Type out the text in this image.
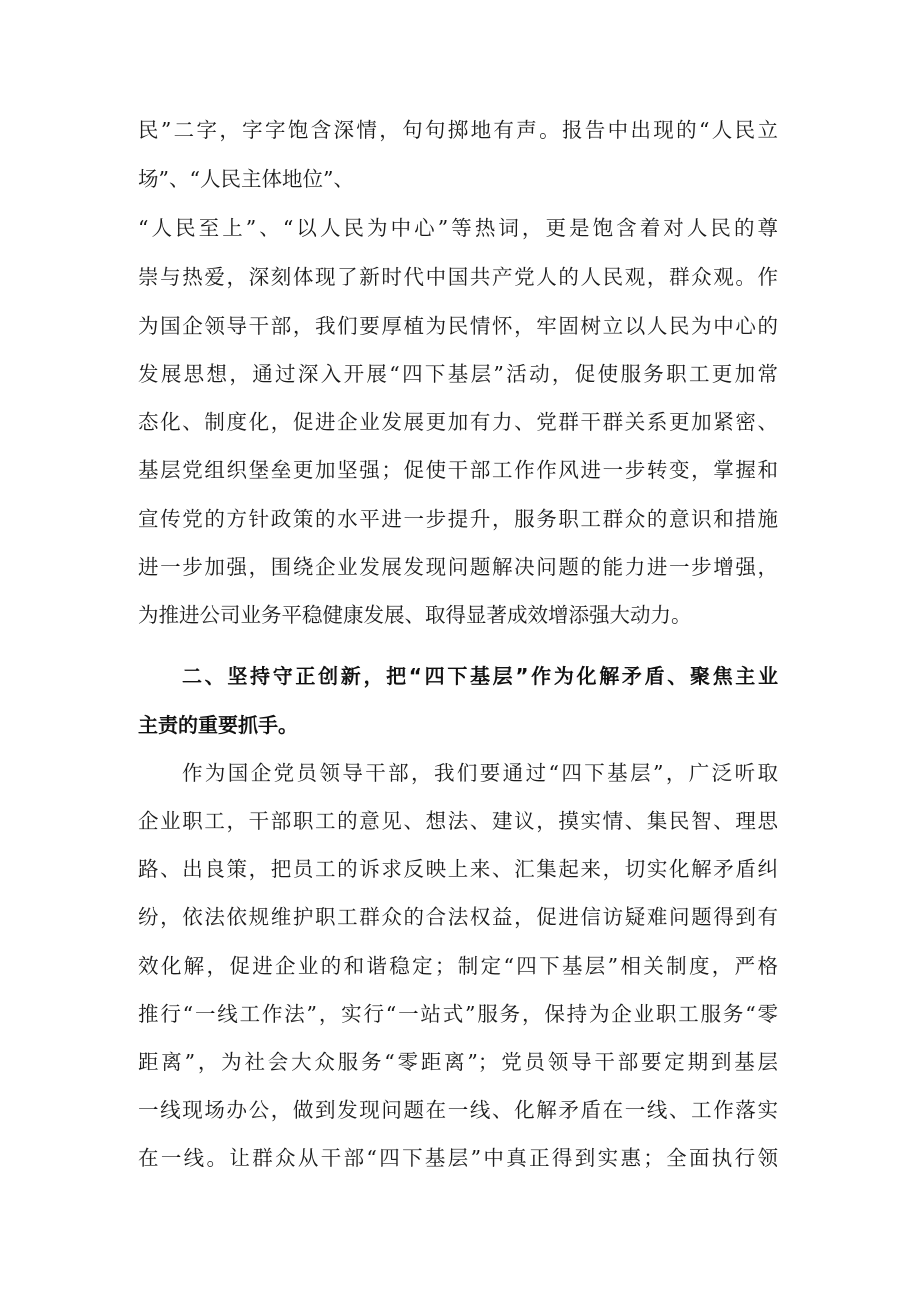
民”二字，字字饱含深情，句句掷地有声。报告中出现的“人民立
场”、“人民主体地位”、
“人民至上”、“以人民为中心”等热词，更是饱含着对人民的尊
崇与热爱，深刻体现了新时代中国共产党人的人民观，群众观。作
为国企领导干部，我们要厚植为民情怀，牢固树立以人民为中心的
发展思想，通过深入开展“四下基层”活动，促使服务职工更加常
态化、制度化，促进企业发展更加有力、党群干群关系更加紧密、
基层党组织堡垒更加坚强；促使干部工作作风进一步转变，掌握和
宣传党的方针政策的水平进一步提升，服务职工群众的意识和措施
进一步加强，围绕企业发展发现问题解决问题的能力进一步增强，
为推进公司业务平稳健康发展、取得显著成效增添强大动力。
二、坚持守正创新，把“四下基层”作为化解矛盾、聚焦主业
主责的重要抓手。
作为国企党员领导干部，我们要通过“四下基层”，广泛听取
企业职工，干部职工的意见、想法、建议，摸实情、集民智、理思
路、出良策，把员工的诉求反映上来、汇集起来，切实化解矛盾纠
纷，依法依规维护职工群众的合法权益，促进信访疑难问题得到有
效化解，促进企业的和谐稳定；制定“四下基层”相关制度，严格
推行“一线工作法”，实行“一站式”服务，保持为企业职工服务“零
距离”，为社会大众服务“零距离”；党员领导干部要定期到基层
一线现场办公，做到发现问题在一线、化解矛盾在一线、工作落实
在一线。让群众从干部“四下基层”中真正得到实惠；全面执行领
